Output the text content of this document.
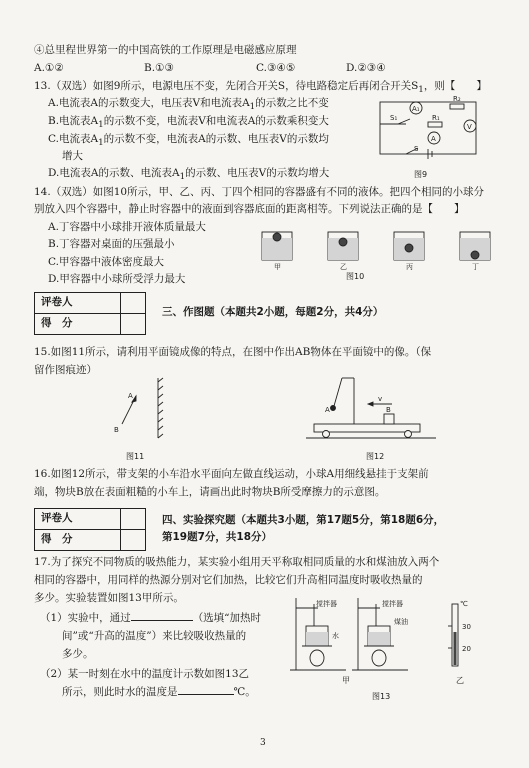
④总里程世界第一的中国高铁的工作原理是电磁感应原理
A.①②	B.①③	C.③④⑤	D.②③④
13.（双选）如图9所示，电源电压不变，先闭合开关S，待电路稳定后再闭合开关$S_1$，则【　　】
A.电流表A的示数变大，电压表V和电流表$A_1$的示数之比不变
B.电流表$A_1$的示数不变，电流表V和电流表A的示数乘积变大
C.电流表$A_1$的示数不变，电流表A的示数、电压表V的示数均
增大
D.电流表A的示数、电流表$A_1$的示数、电压表V的示数均增大
A₁
R₂
S₁	R₁
A
V
S
图9
14.（双选）如图10所示，甲、乙、丙、丁四个相同的容器盛有不同的液体。把四个相同的小球分
别放入四个容器中，静止时容器中的液面到容器底面的距离相等。下列说法正确的是【　　】
A.丁容器中小球排开液体质量最大
B.丁容器对桌面的压强最小
C.甲容器中液体密度最大
D.甲容器中小球所受浮力最大
甲	乙	丙	丁
图10
评卷人	
得　分	
三、作图题（本题共2小题，每题2分，共4分）
15.如图11所示，请利用平面镜成像的特点，在图中作出AB物体在平面镜中的像。（保
留作图痕迹）
A
B
图11
A	B
v
图12
16.如图12所示，带支架的小车沿水平面向左做直线运动，小球A用细线悬挂于支架前
端，物块B放在表面粗糙的小车上，请画出此时物块B所受摩擦力的示意图。
评卷人	
得　分	
四、实验探究题（本题共3小题，第17题5分，第18题6分，
第19题7分，共18分）
17.为了探究不同物质的吸热能力，某实验小组用天平称取相同质量的水和煤油放入两个
相同的容器中，用同样的热源分别对它们加热，比较它们升高相同温度时吸收热量的
多少。实验装置如图13甲所示。
（1）实验中，通过	（选填“加热时
间”或“升高的温度”）来比较吸收热量的
多少。
（2）某一时刻在水中的温度计示数如图13乙
所示，则此时水的温度是	℃。
搅拌器
水
搅拌器
煤油
℃
30
20
甲	乙
图13
3
